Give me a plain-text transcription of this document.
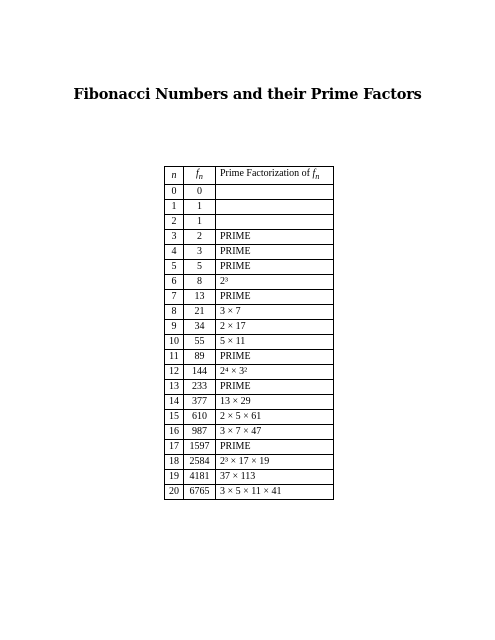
Fibonacci Numbers and their Prime Factors
n	$f_n$	Prime Factorization of $f_n$
0	0	
1	1	
2	1	
3	2	PRIME
4	3	PRIME
5	5	PRIME
6	8	2³
7	13	PRIME
8	21	3 × 7
9	34	2 × 17
10	55	5 × 11
11	89	PRIME
12	144	2⁴ × 3²
13	233	PRIME
14	377	13 × 29
15	610	2 × 5 × 61
16	987	3 × 7 × 47
17	1597	PRIME
18	2584	2³ × 17 × 19
19	4181	37 × 113
20	6765	3 × 5 × 11 × 41
